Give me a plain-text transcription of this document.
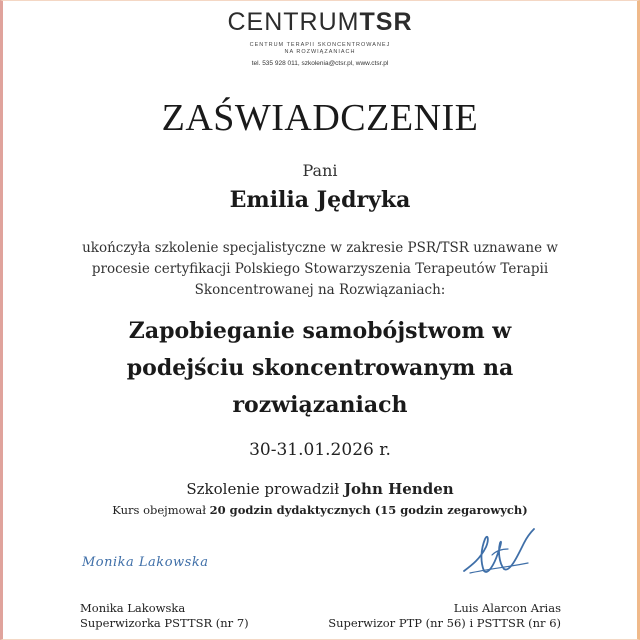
CENTRUMTSR
CENTRUM TERAPII SKONCENTROWANEJ
NA ROZWIĄZANIACH
tel. 535 928 011, szkolenia@ctsr.pl, www.ctsr.pl
ZAŚWIADCZENIE
Pani
Emilia Jędryka
ukończyła szkolenie specjalistyczne w zakresie PSR/TSR uznawane w
procesie certyfikacji Polskiego Stowarzyszenia Terapeutów Terapii
Skoncentrowanej na Rozwiązaniach:
Zapobieganie samobójstwom w
podejściu skoncentrowanym na
rozwiązaniach
30-31.01.2026 r.
Szkolenie prowadził John Henden
Kurs obejmował 20 godzin dydaktycznych (15 godzin zegarowych)
Monika Lakowska
Monika Lakowska
Superwizorka PSTTSR (nr 7)
Luis Alarcon Arias
Superwizor PTP (nr 56) i PSTTSR (nr 6)
